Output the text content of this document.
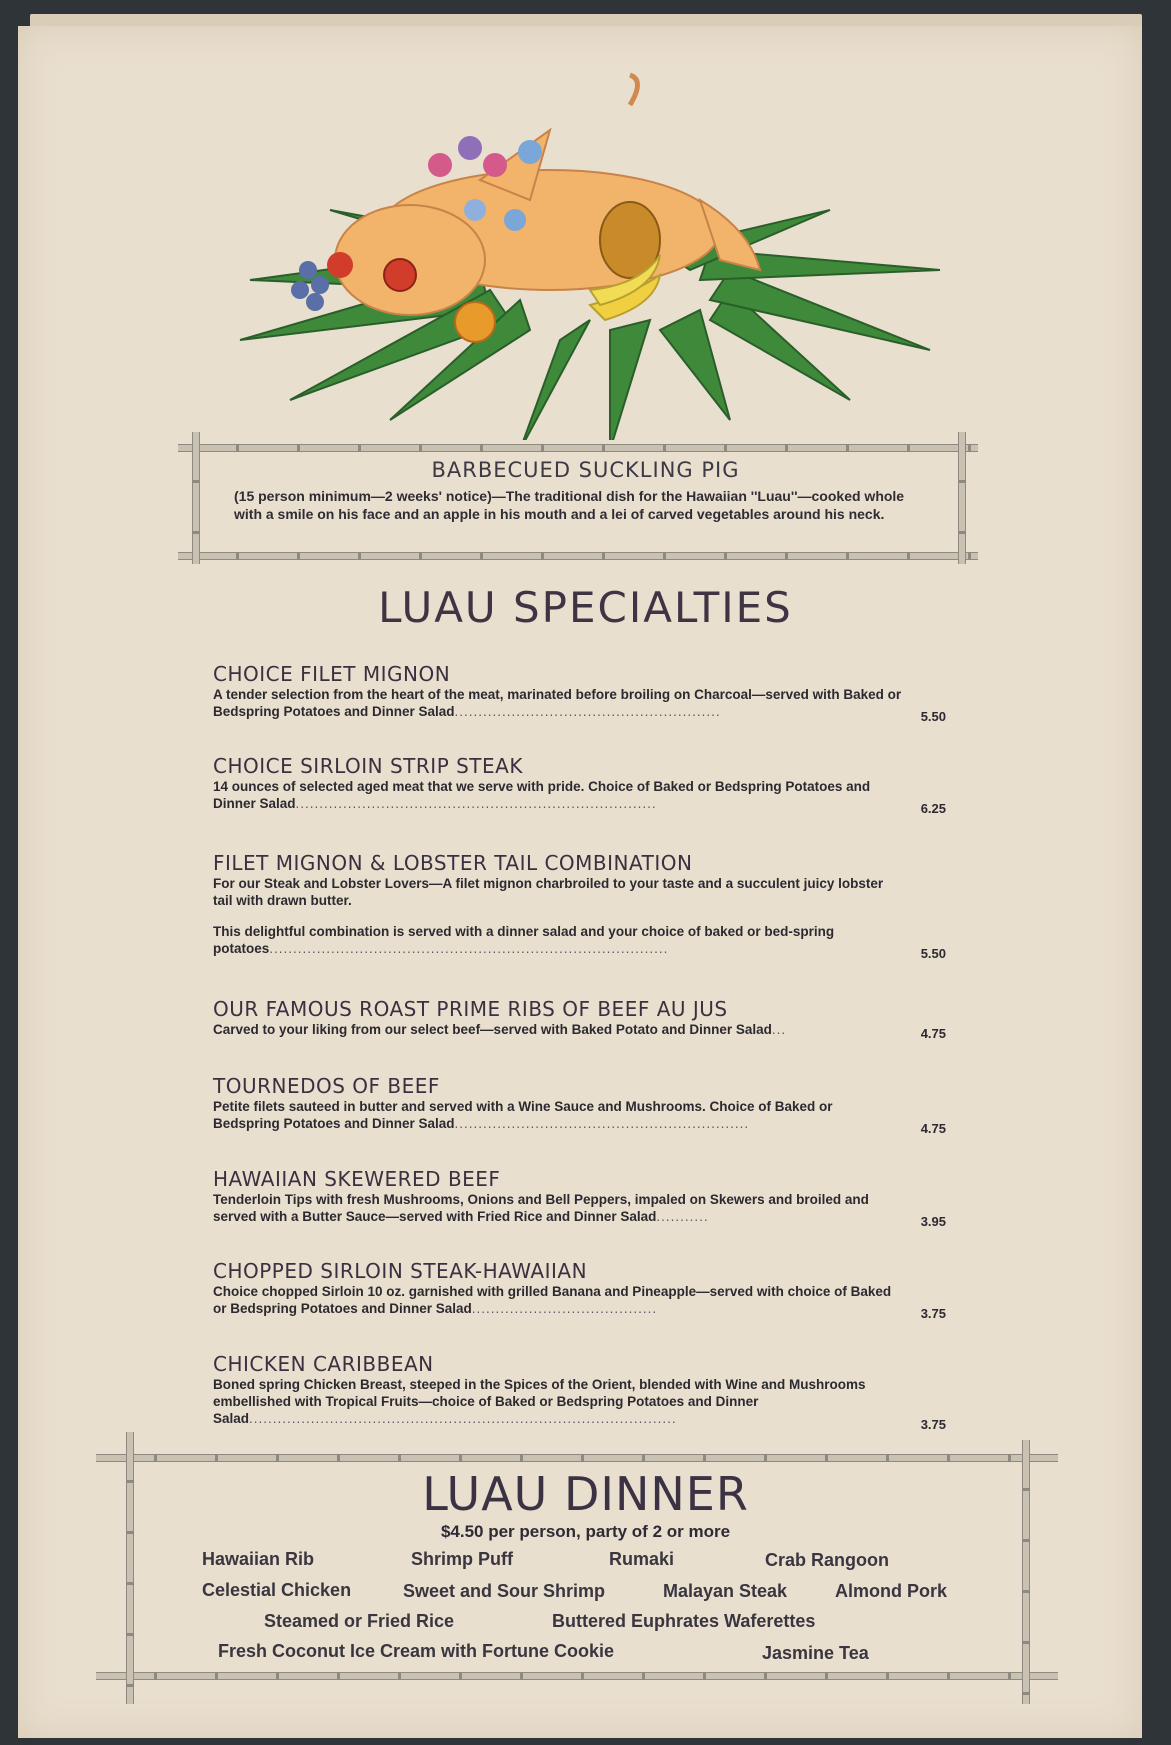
BARBECUED SUCKLING PIG
(15 person minimum—2 weeks' notice)—The traditional dish for the Hawaiian ''Luau''—cooked whole with a smile on his face and an apple in his mouth and a lei of carved vegetables around his neck.
LUAU SPECIALTIES
CHOICE FILET MIGNON
A tender selection from the heart of the meat, marinated before broiling on Charcoal—served with Baked or Bedspring Potatoes and Dinner Salad........................................................	5.50
CHOICE SIRLOIN STRIP STEAK
14 ounces of selected aged meat that we serve with pride. Choice of Baked or Bedspring Potatoes and Dinner Salad............................................................................	6.25
FILET MIGNON & LOBSTER TAIL COMBINATION
For our Steak and Lobster Lovers—A filet mignon charbroiled to your taste and a succulent juicy lobster tail with drawn butter.
This delightful combination is served with a dinner salad and your choice of baked or bed-spring potatoes....................................................................................	5.50
OUR FAMOUS ROAST PRIME RIBS OF BEEF AU JUS
Carved to your liking from our select beef—served with Baked Potato and Dinner Salad...	4.75
TOURNEDOS OF BEEF
Petite filets sauteed in butter and served with a Wine Sauce and Mushrooms. Choice of Baked or Bedspring Potatoes and Dinner Salad..............................................................	4.75
HAWAIIAN SKEWERED BEEF
Tenderloin Tips with fresh Mushrooms, Onions and Bell Peppers, impaled on Skewers and broiled and served with a Butter Sauce—served with Fried Rice and Dinner Salad...........	3.95
CHOPPED SIRLOIN STEAK-HAWAIIAN
Choice chopped Sirloin 10 oz. garnished with grilled Banana and Pineapple—served with choice of Baked or Bedspring Potatoes and Dinner Salad.......................................	3.75
CHICKEN CARIBBEAN
Boned spring Chicken Breast, steeped in the Spices of the Orient, blended with Wine and Mushrooms embellished with Tropical Fruits—choice of Baked or Bedspring Potatoes and Dinner Salad..........................................................................................	3.75
LUAU DINNER
$4.50 per person, party of 2 or more
Hawaiian Rib	Shrimp Puff	Rumaki	Crab Rangoon
Celestial Chicken	Sweet and Sour Shrimp	Malayan Steak	Almond Pork
Steamed or Fried Rice	Buttered Euphrates Waferettes
Fresh Coconut Ice Cream with Fortune Cookie	Jasmine Tea
